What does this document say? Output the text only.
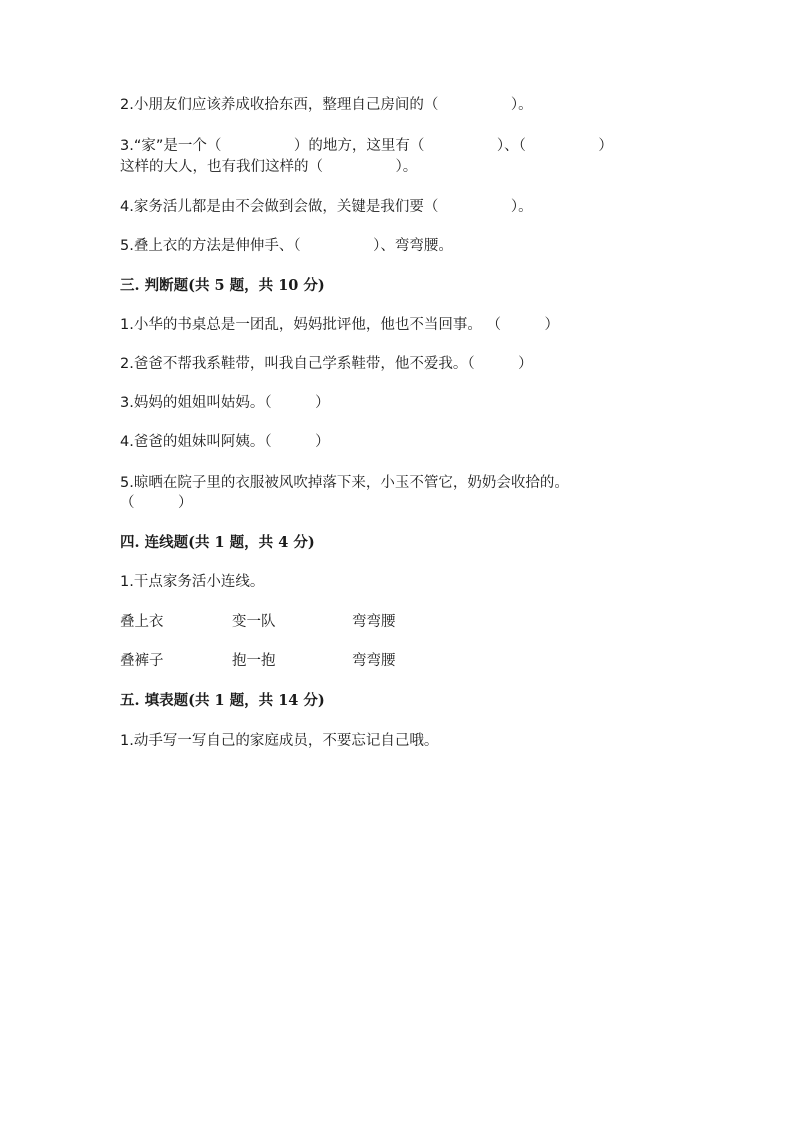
2.小朋友们应该养成收拾东西，整理自己房间的（　　　　　）。
3.“家”是一个（　　　　　）的地方，这里有（　　　　　）、（　　　　　）
这样的大人，也有我们这样的（　　　　　）。
4.家务活儿都是由不会做到会做，关键是我们要（　　　　　）。
5.叠上衣的方法是伸伸手、（　　　　　）、弯弯腰。
三. 判断题(共 5 题，共 10 分)
1.小华的书桌总是一团乱，妈妈批评他，他也不当回事。 （　　　）
2.爸爸不帮我系鞋带，叫我自己学系鞋带，他不爱我。（　　　）
3.妈妈的姐姐叫姑妈。（　　　）
4.爸爸的姐妹叫阿姨。（　　　）
5.晾晒在院子里的衣服被风吹掉落下来，小玉不管它，奶奶会收拾的。
（　　　）
四. 连线题(共 1 题，共 4 分)
1.干点家务活小连线。
叠上衣	变一队	弯弯腰
叠裤子	抱一抱	弯弯腰
五. 填表题(共 1 题，共 14 分)
1.动手写一写自己的家庭成员，不要忘记自己哦。
